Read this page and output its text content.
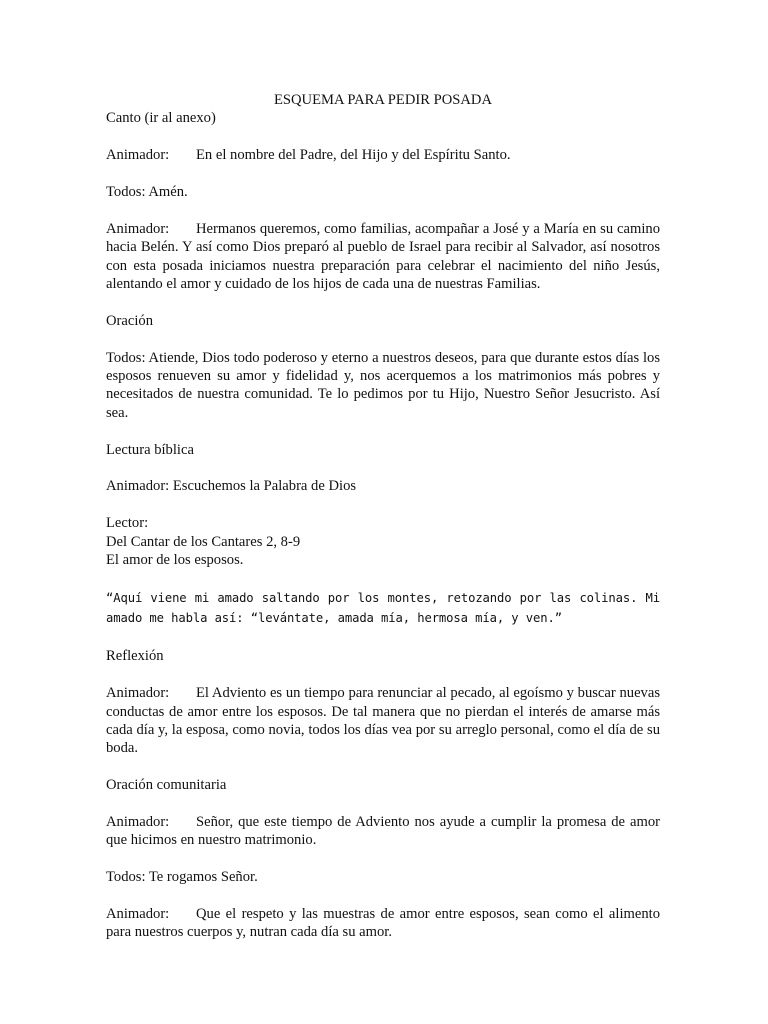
ESQUEMA PARA PEDIR POSADA

Canto (ir al anexo)

Animador: En el nombre del Padre, del Hijo y del Espíritu Santo.

Todos: Amén.

Animador: Hermanos queremos, como familias, acompañar a José y a María en su camino hacia Belén. Y así como Dios preparó al pueblo de Israel para recibir al Salvador, así nosotros con esta posada iniciamos nuestra preparación para celebrar el nacimiento del niño Jesús, alentando el amor y cuidado de los hijos de cada una de nuestras Familias.

Oración

Todos: Atiende, Dios todo poderoso y eterno a nuestros deseos, para que durante estos días los esposos renueven su amor y fidelidad y, nos acerquemos a los matrimonios más pobres y necesitados de nuestra comunidad. Te lo pedimos por tu Hijo, Nuestro Señor Jesucristo. Así sea.

Lectura bíblica

Animador: Escuchemos la Palabra de Dios

Lector:

Del Cantar de los Cantares 2, 8-9

El amor de los esposos.

“Aquí viene mi amado saltando por los montes, retozando por las colinas. Mi amado me habla así: “levántate, amada mía, hermosa mía, y ven.”

Reflexión

Animador: El Adviento es un tiempo para renunciar al pecado, al egoísmo y buscar nuevas conductas de amor entre los esposos. De tal manera que no pierdan el interés de amarse más cada día y, la esposa, como novia, todos los días vea por su arreglo personal, como el día de su boda.

Oración comunitaria

Animador: Señor, que este tiempo de Adviento nos ayude a cumplir la promesa de amor que hicimos en nuestro matrimonio.

Todos: Te rogamos Señor.

Animador: Que el respeto y las muestras de amor entre esposos, sean como el alimento para nuestros cuerpos y, nutran cada día su amor.
